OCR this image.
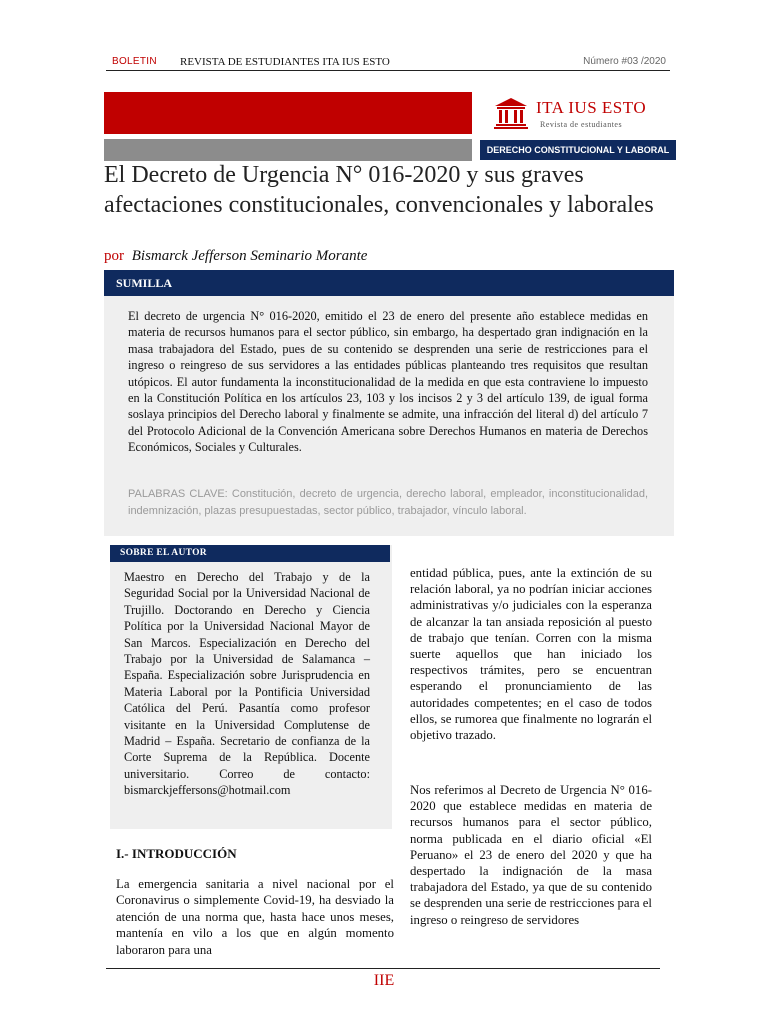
BOLETIN REVISTA DE ESTUDIANTES ITA IUS ESTO	Número #03 /2020
ITA IUS ESTO
Revista de estudiantes
DERECHO CONSTITUCIONAL Y LABORAL
El Decreto de Urgencia N° 016-2020 y sus graves afectaciones constitucionales, convencionales y laborales
por Bismarck Jefferson Seminario Morante
SUMILLA

El decreto de urgencia N° 016-2020, emitido el 23 de enero del presente año establece medidas en materia de recursos humanos para el sector público, sin embargo, ha despertado gran indignación en la masa trabajadora del Estado, pues de su contenido se desprenden una serie de restricciones para el ingreso o reingreso de sus servidores a las entidades públicas planteando tres requisitos que resultan utópicos. El autor fundamenta la inconstitucionalidad de la medida en que esta contraviene lo impuesto en la Constitución Política en los artículos 23, 103 y los incisos 2 y 3 del artículo 139, de igual forma soslaya principios del Derecho laboral y finalmente se admite, una infracción del literal d) del artículo 7 del Protocolo Adicional de la Convención Americana sobre Derechos Humanos en materia de Derechos Económicos, Sociales y Culturales.

PALABRAS CLAVE: Constitución, decreto de urgencia, derecho laboral, empleador, inconstitucionalidad, indemnización, plazas presupuestadas, sector público, trabajador, vínculo laboral.

SOBRE EL AUTOR

Maestro en Derecho del Trabajo y de la Seguridad Social por la Universidad Nacional de Trujillo. Doctorando en Derecho y Ciencia Política por la Universidad Nacional Mayor de San Marcos. Especialización en Derecho del Trabajo por la Universidad de Salamanca – España. Especialización sobre Jurisprudencia en Materia Laboral por la Pontificia Universidad Católica del Perú. Pasantía como profesor visitante en la Universidad Complutense de Madrid – España. Secretario de confianza de la Corte Suprema de la República. Docente universitario. Correo de contacto: bismarckjeffersons@hotmail.com

I.- INTRODUCCIÓN

La emergencia sanitaria a nivel nacional por el Coronavirus o simplemente Covid-19, ha desviado la atención de una norma que, hasta hace unos meses, mantenía en vilo a los que en algún momento laboraron para una

entidad pública, pues, ante la extinción de su relación laboral, ya no podrían iniciar acciones administrativas y/o judiciales con la esperanza de alcanzar la tan ansiada reposición al puesto de trabajo que tenían. Corren con la misma suerte aquellos que han iniciado los respectivos trámites, pero se encuentran esperando el pronunciamiento de las autoridades competentes; en el caso de todos ellos, se rumorea que finalmente no lograrán el objetivo trazado.

Nos referimos al Decreto de Urgencia N° 016-2020 que establece medidas en materia de recursos humanos para el sector público, norma publicada en el diario oficial «El Peruano» el 23 de enero del 2020 y que ha despertado la indignación de la masa trabajadora del Estado, ya que de su contenido se desprenden una serie de restricciones para el ingreso o reingreso de servidores

IIE
